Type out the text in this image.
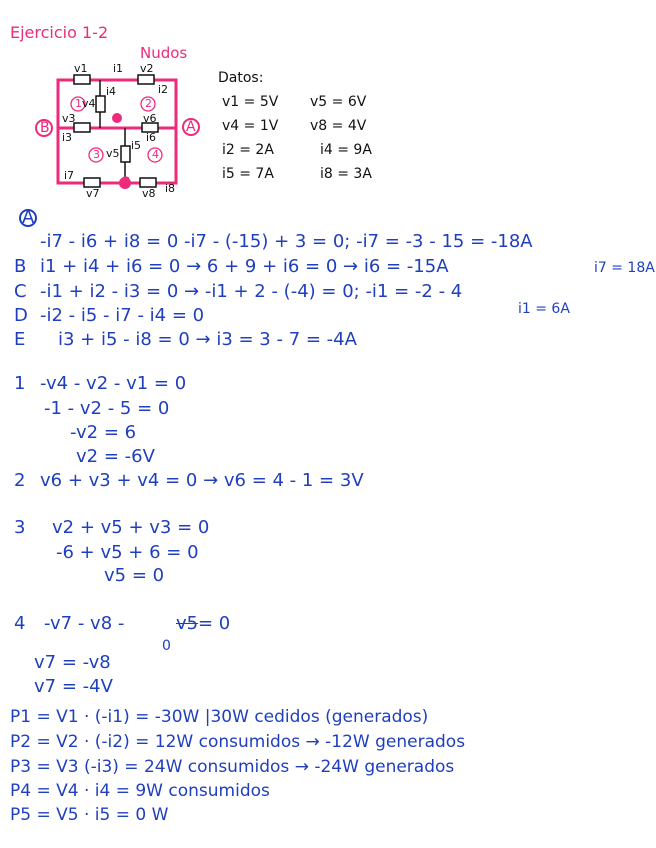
Ejercicio 1-2
Nudos
B	A
C
1	2
3	4
v1 i1 v2
i2
v4
i4
v3
i3
v5
i5
v6
i6
v7
i7
v8 i8
Datos:
v1 = 5V v5 = 6V
v4 = 1V v8 = 4V
i2 = 2A	i4 = 9A
i5 = 7A	i8 = 3A
A
-i7 - i6 + i8 = 0 -i7 - (-15) + 3 = 0; -i7 = -3 - 15 = -18A
B i1 + i4 + i6 = 0 → 6 + 9 + i6 = 0 → i6 = -15A	i7 = 18A
C -i1 + i2 - i3 = 0 → -i1 + 2 - (-4) = 0; -i1 = -2 - 4
i1 = 6A
D -i2 - i5 - i7 - i4 = 0
E i3 + i5 - i8 = 0 → i3 = 3 - 7 = -4A
1 -v4 - v2 - v1 = 0
-1 - v2 - 5 = 0
-v2 = 6
v2 = -6V
2 v6 + v3 + v4 = 0 → v6 = 4 - 1 = 3V
3 v2 + v5 + v3 = 0
-6 + v5 + 6 = 0
v5 = 0
4 -v7 - v8 -	v5 = 0
0
v7 = -v8
v7 = -4V
P1 = V1 · (-i1) = -30W |30W cedidos (generados)
P2 = V2 · (-i2) = 12W consumidos → -12W generados
P3 = V3 (-i3) = 24W consumidos → -24W generados
P4 = V4 · i4 = 9W consumidos
P5 = V5 · i5 = 0 W
